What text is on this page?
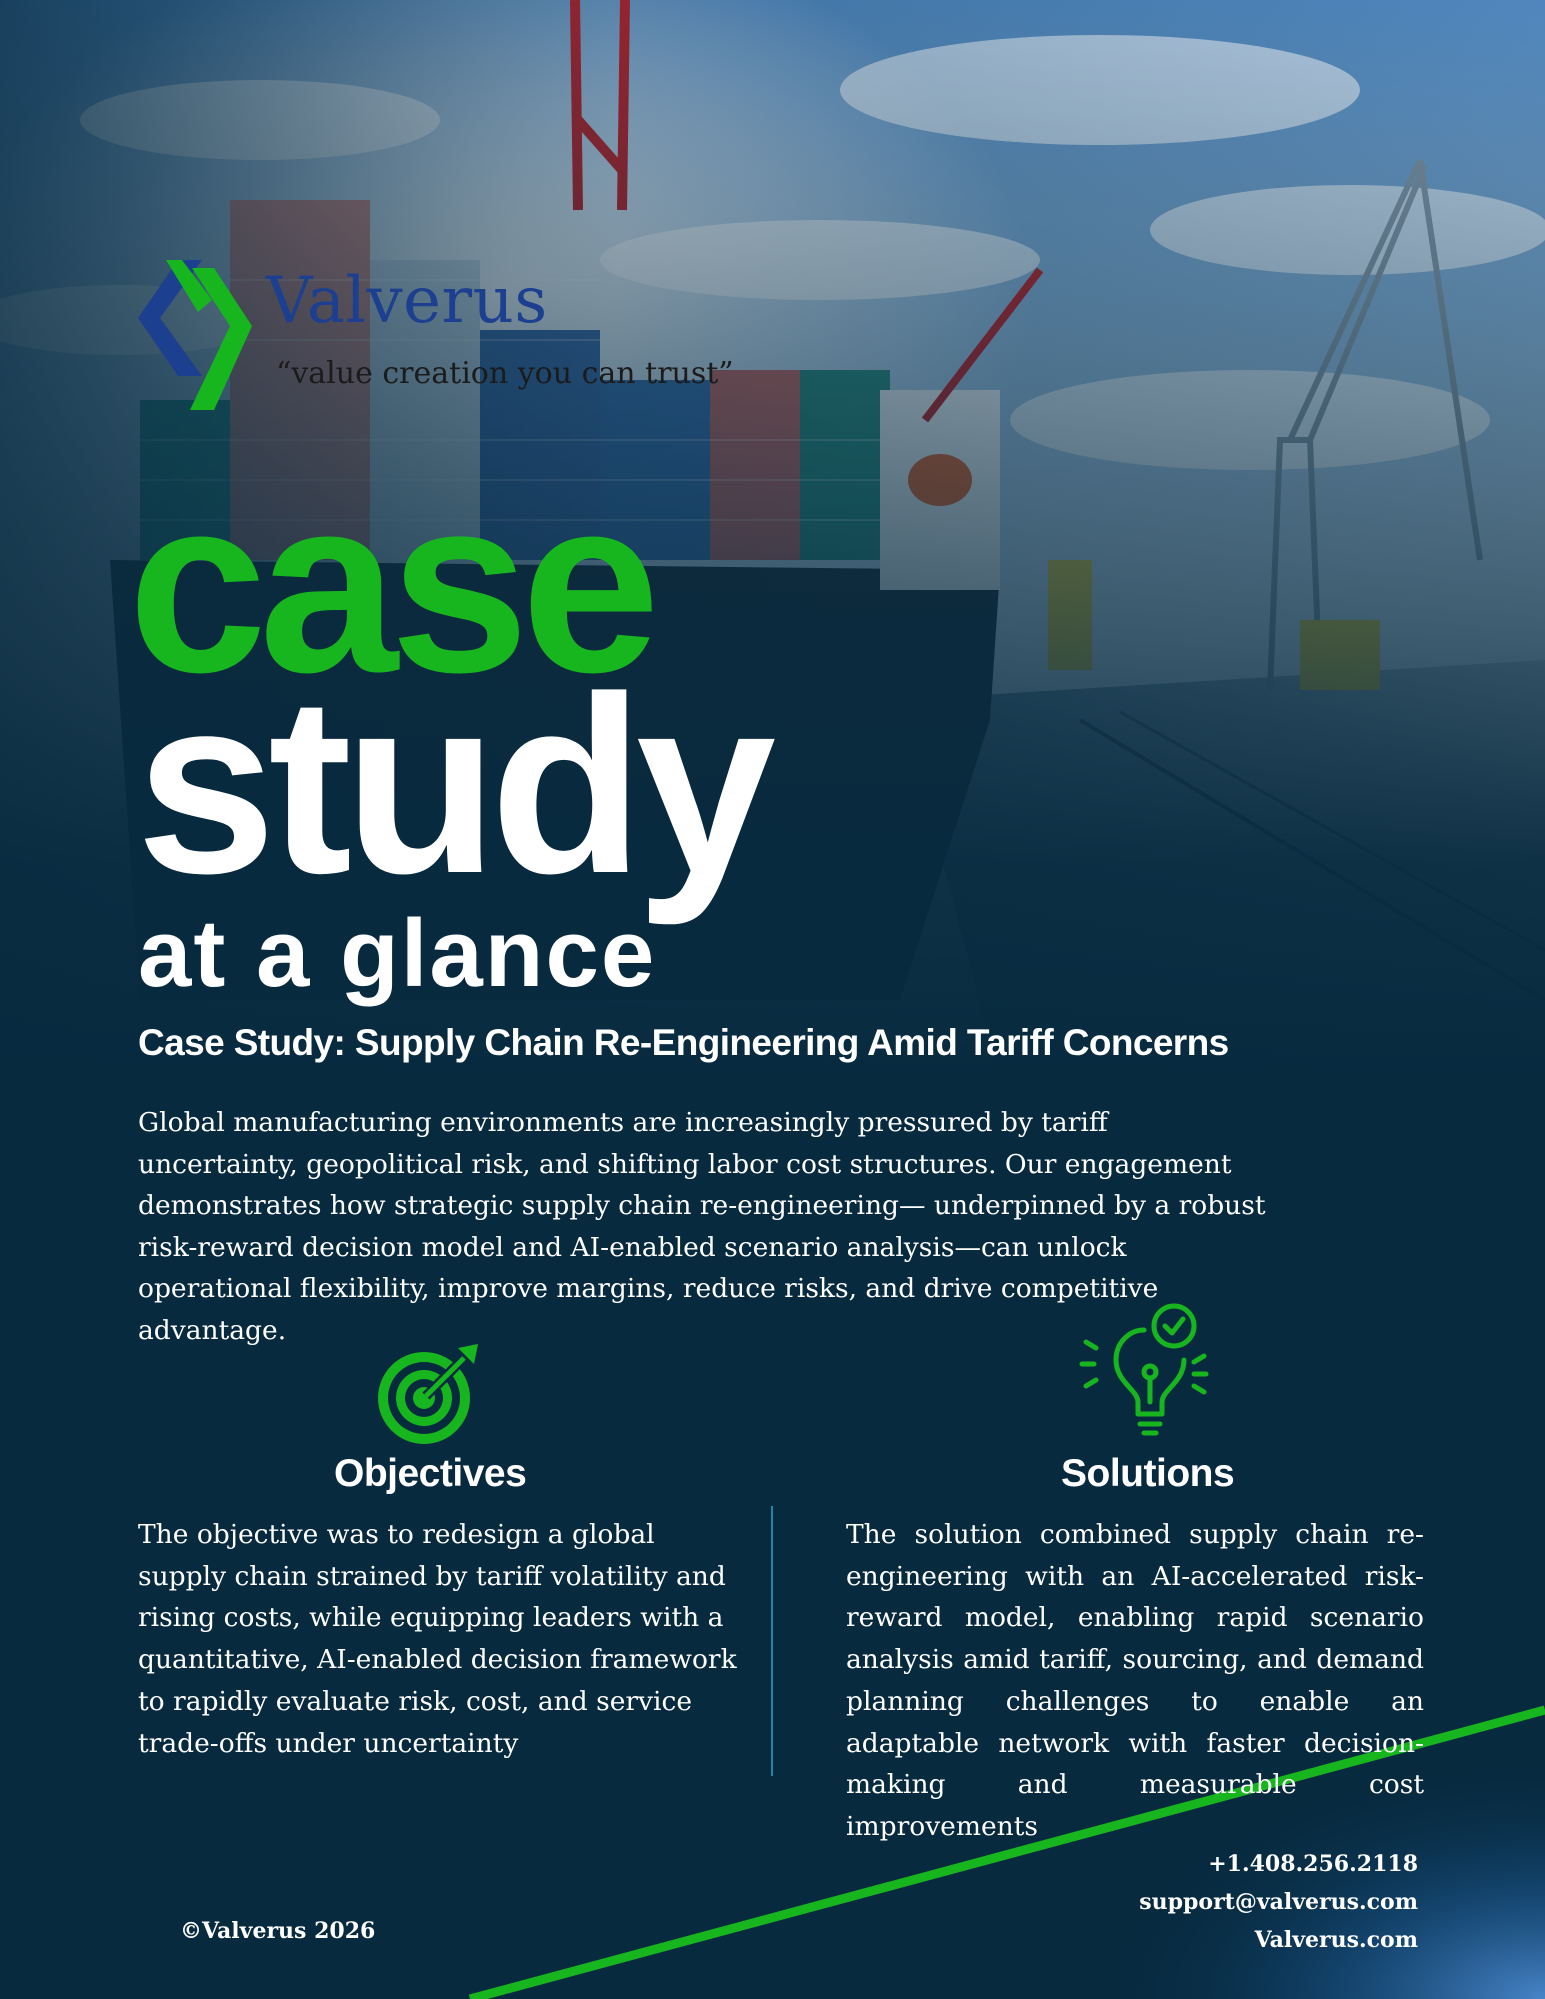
Valverus
“value creation you can trust”
case
study
at a glance
Case Study: Supply Chain Re-Engineering Amid Tariff Concerns

Global manufacturing environments are increasingly pressured by tariff uncertainty, geopolitical risk, and shifting labor cost structures. Our engagement demonstrates how strategic supply chain re-engineering— underpinned by a robust risk-reward decision model and AI-enabled scenario analysis—can unlock operational flexibility, improve margins, reduce risks, and drive competitive advantage.

Objectives

The objective was to redesign a global supply chain strained by tariff volatility and rising costs, while equipping leaders with a quantitative, AI-enabled decision framework to rapidly evaluate risk, cost, and service trade-offs under uncertainty

Solutions

The solution combined supply chain re-engineering with an AI-accelerated risk-reward model, enabling rapid scenario analysis amid tariff, sourcing, and demand planning challenges to enable an adaptable network with faster decision-making and measurable cost improvements

©Valverus 2026
+1.408.256.2118
support@valverus.com
Valverus.com
